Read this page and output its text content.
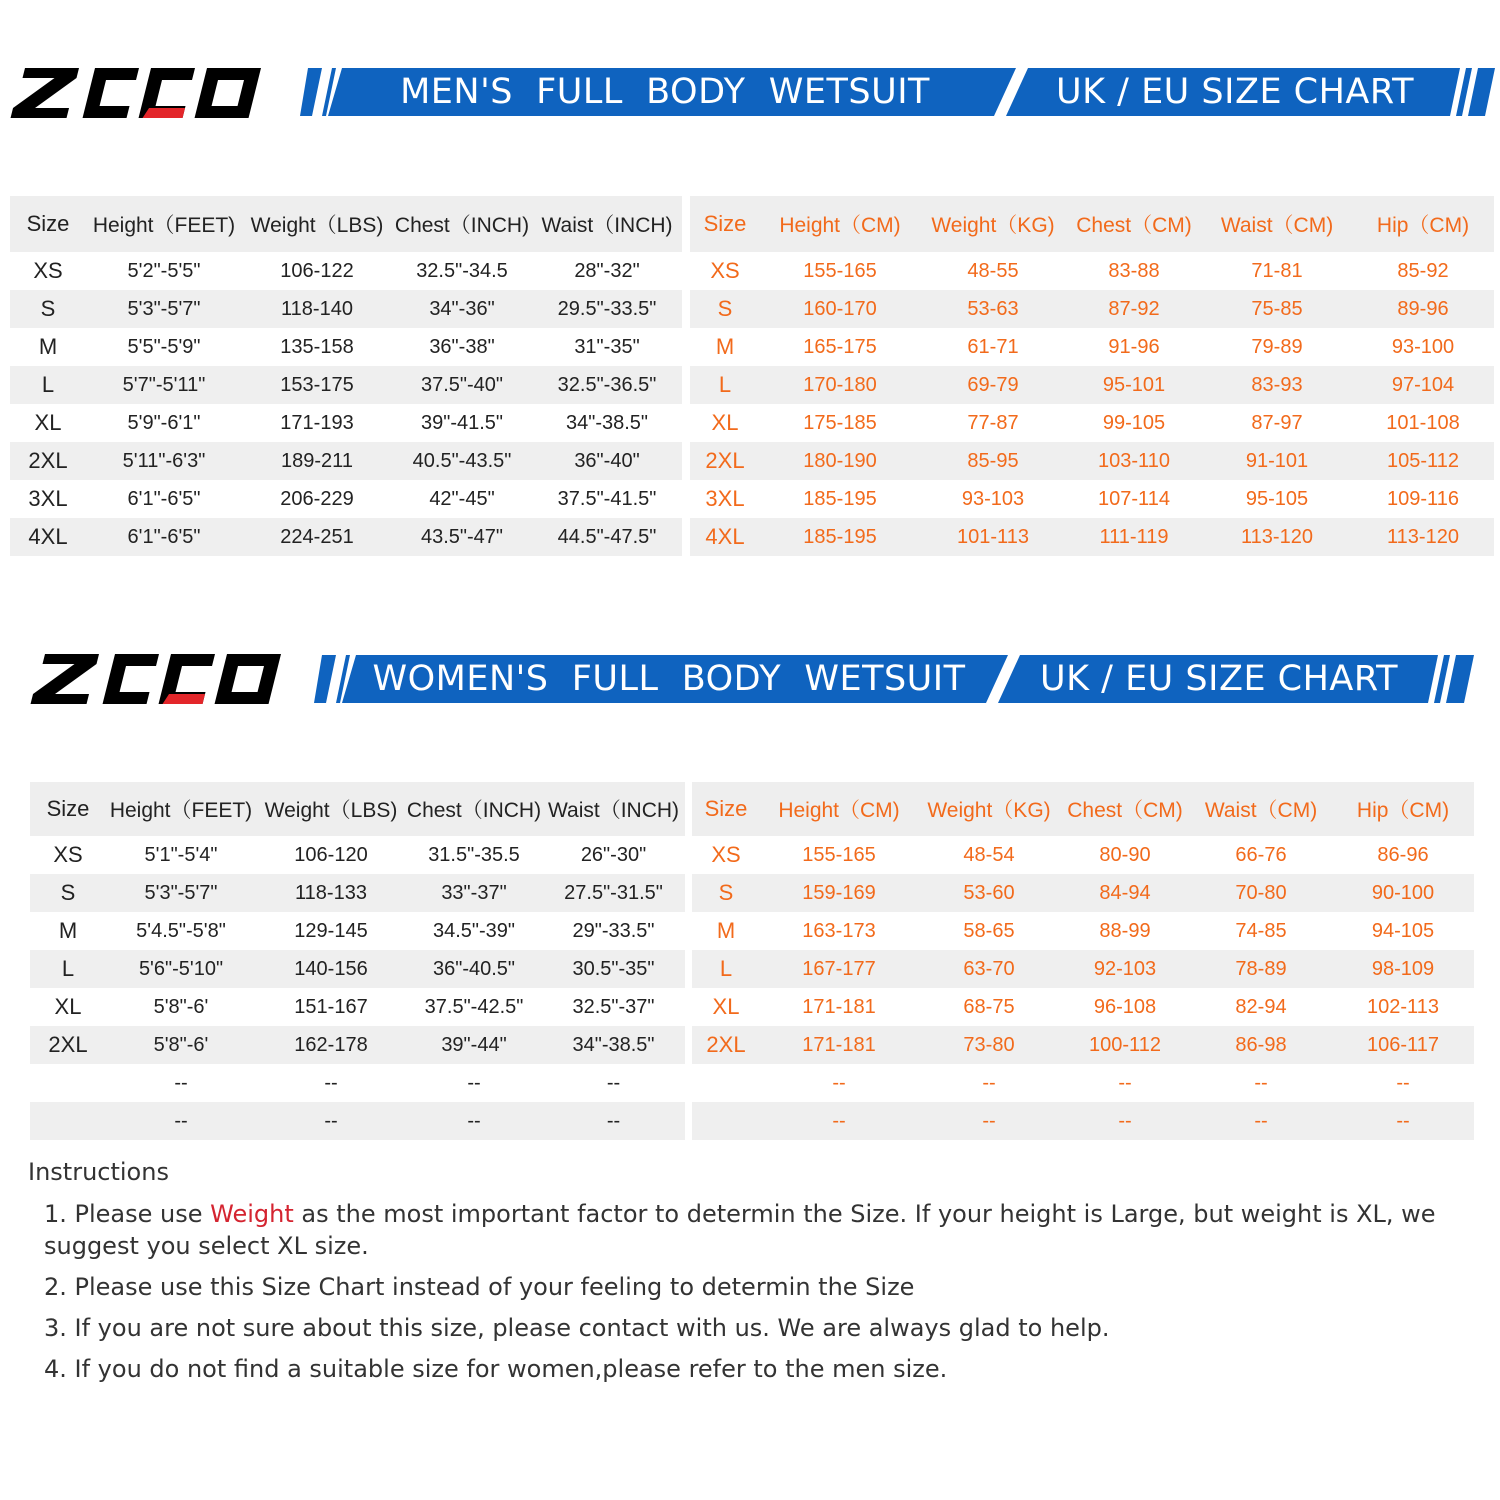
MEN'S  FULL  BODY  WETSUIT	UK / EU SIZE CHART
Size	Height（FEET)	Weight（LBS)	Chest（INCH)	Waist（INCH)
XS	5'2"-5'5"	106-122	32.5"-34.5	28"-32"
S	5'3"-5'7"	118-140	34"-36"	29.5"-33.5"
M	5'5"-5'9"	135-158	36"-38"	31"-35"
L	5'7"-5'11"	153-175	37.5"-40"	32.5"-36.5"
XL	5'9"-6'1"	171-193	39"-41.5"	34"-38.5"
2XL	5'11"-6'3"	189-211	40.5"-43.5"	36"-40"
3XL	6'1"-6'5"	206-229	42"-45"	37.5"-41.5"
4XL	6'1"-6'5"	224-251	43.5"-47"	44.5"-47.5"
Size	Height（CM)	Weight（KG)	Chest（CM)	Waist（CM)	Hip（CM)
XS	155-165	48-55	83-88	71-81	85-92
S	160-170	53-63	87-92	75-85	89-96
M	165-175	61-71	91-96	79-89	93-100
L	170-180	69-79	95-101	83-93	97-104
XL	175-185	77-87	99-105	87-97	101-108
2XL	180-190	85-95	103-110	91-101	105-112
3XL	185-195	93-103	107-114	95-105	109-116
4XL	185-195	101-113	111-119	113-120	113-120
WOMEN'S  FULL  BODY  WETSUIT	UK / EU SIZE CHART
Size	Height（FEET)	Weight（LBS)	Chest（INCH)	Waist（INCH)
XS	5'1"-5'4"	106-120	31.5"-35.5	26"-30"
S	5'3"-5'7"	118-133	33"-37"	27.5"-31.5"
M	5'4.5"-5'8"	129-145	34.5"-39"	29"-33.5"
L	5'6"-5'10"	140-156	36"-40.5"	30.5"-35"
XL	5'8"-6'	151-167	37.5"-42.5"	32.5"-37"
2XL	5'8"-6'	162-178	39"-44"	34"-38.5"
	--	--	--	--
	--	--	--	--
Size	Height（CM)	Weight（KG)	Chest（CM)	Waist（CM)	Hip（CM)
XS	155-165	48-54	80-90	66-76	86-96
S	159-169	53-60	84-94	70-80	90-100
M	163-173	58-65	88-99	74-85	94-105
L	167-177	63-70	92-103	78-89	98-109
XL	171-181	68-75	96-108	82-94	102-113
2XL	171-181	73-80	100-112	86-98	106-117
	--	--	--	--	--
	--	--	--	--	--
Instructions
1. Please use Weight as the most important factor to determin the Size. If your height is Large, but weight is XL, we suggest you select XL size.
2. Please use this Size Chart instead of your feeling to determin the Size
3. If you are not sure about this size, please contact with us. We are always glad to help.
4. If you do not find a suitable size for women,please refer to the men size.
